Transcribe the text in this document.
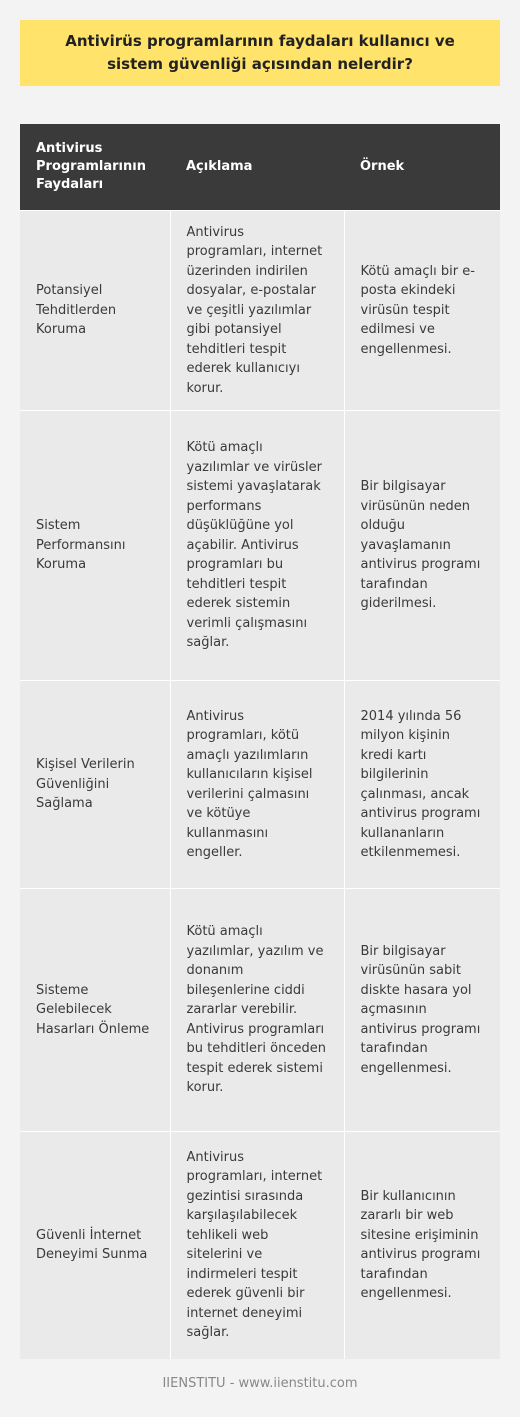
Antivirüs programlarının faydaları kullanıcı ve sistem güvenliği açısından nelerdir?
Antivirus Programlarının Faydaları	Açıklama	Örnek
Potansiyel Tehditlerden Koruma	Antivirus programları, internet üzerinden indirilen dosyalar, e-postalar ve çeşitli yazılımlar gibi potansiyel tehditleri tespit ederek kullanıcıyı korur.	Kötü amaçlı bir e-posta ekindeki virüsün tespit edilmesi ve engellenmesi.
Sistem Performansını Koruma	Kötü amaçlı yazılımlar ve virüsler sistemi yavaşlatarak performans düşüklüğüne yol açabilir. Antivirus programları bu tehditleri tespit ederek sistemin verimli çalışmasını sağlar.	Bir bilgisayar virüsünün neden olduğu yavaşlamanın antivirus programı tarafından giderilmesi.
Kişisel Verilerin Güvenliğini Sağlama	Antivirus programları, kötü amaçlı yazılımların kullanıcıların kişisel verilerini çalmasını ve kötüye kullanmasını engeller.	2014 yılında 56 milyon kişinin kredi kartı bilgilerinin çalınması, ancak antivirus programı kullananların etkilenmemesi.
Sisteme Gelebilecek Hasarları Önleme	Kötü amaçlı yazılımlar, yazılım ve donanım bileşenlerine ciddi zararlar verebilir. Antivirus programları bu tehditleri önceden tespit ederek sistemi korur.	Bir bilgisayar virüsünün sabit diskte hasara yol açmasının antivirus programı tarafından engellenmesi.
Güvenli İnternet Deneyimi Sunma	Antivirus programları, internet gezintisi sırasında karşılaşılabilecek tehlikeli web sitelerini ve indirmeleri tespit ederek güvenli bir internet deneyimi sağlar.	Bir kullanıcının zararlı bir web sitesine erişiminin antivirus programı tarafından engellenmesi.
IIENSTITU - www.iienstitu.com
